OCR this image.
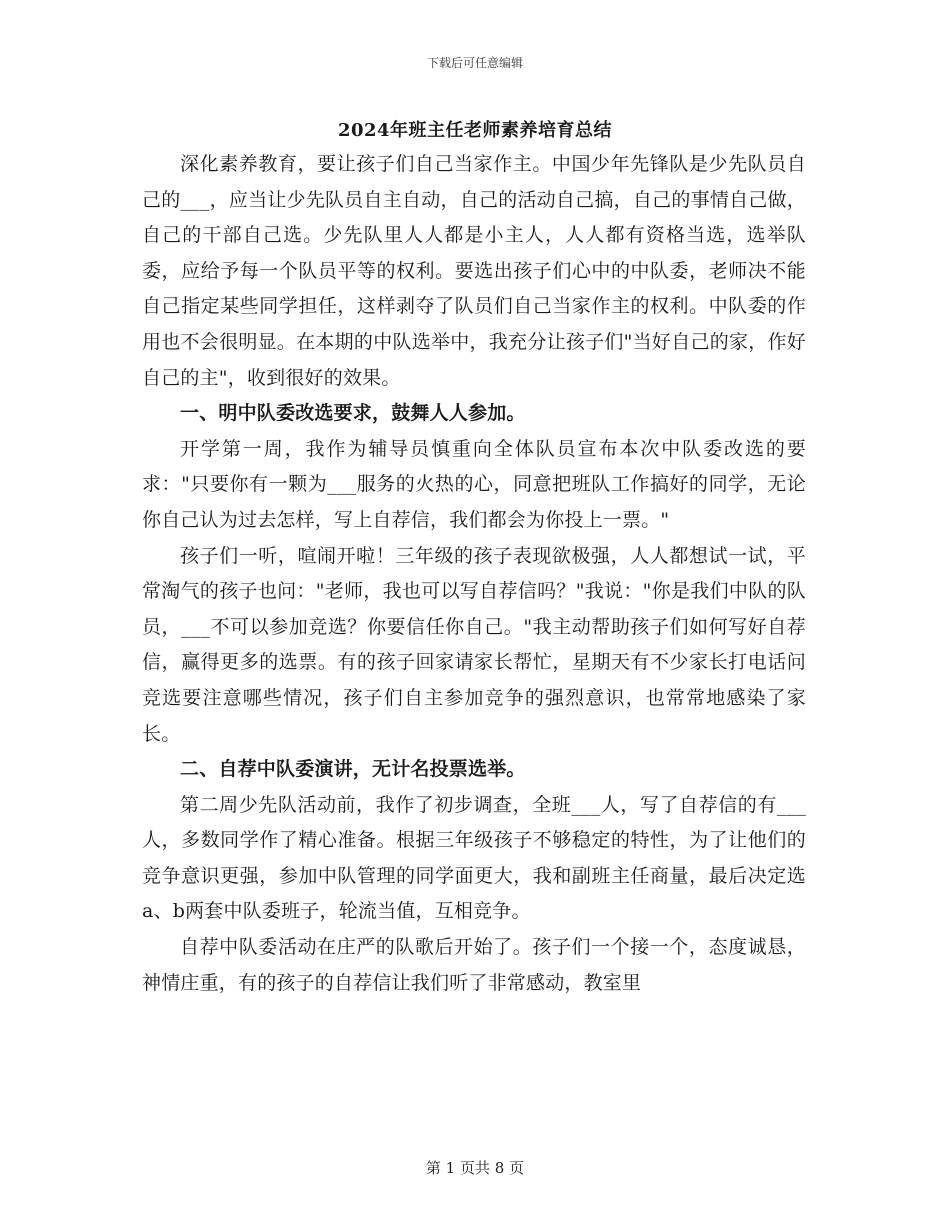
下载后可任意编辑
2024年班主任老师素养培育总结

深化素养教育，要让孩子们自己当家作主。中国少年先锋队是少先队员自己的___，应当让少先队员自主自动，自己的活动自己搞，自己的事情自己做，自己的干部自己选。少先队里人人都是小主人，人人都有资格当选，选举队委，应给予每一个队员平等的权利。要选出孩子们心中的中队委，老师决不能自己指定某些同学担任，这样剥夺了队员们自己当家作主的权利。中队委的作用也不会很明显。在本期的中队选举中，我充分让孩子们"当好自己的家，作好自己的主"，收到很好的效果。

一、明中队委改选要求，鼓舞人人参加。

开学第一周，我作为辅导员慎重向全体队员宣布本次中队委改选的要求："只要你有一颗为___服务的火热的心，同意把班队工作搞好的同学，无论你自己认为过去怎样，写上自荐信，我们都会为你投上一票。"

孩子们一听，喧闹开啦！三年级的孩子表现欲极强，人人都想试一试，平常淘气的孩子也问："老师，我也可以写自荐信吗？"我说："你是我们中队的队员，___不可以参加竞选？你要信任你自己。"我主动帮助孩子们如何写好自荐信，赢得更多的选票。有的孩子回家请家长帮忙，星期天有不少家长打电话问竞选要注意哪些情况，孩子们自主参加竞争的强烈意识，也常常地感染了家长。

二、自荐中队委演讲，无计名投票选举。

第二周少先队活动前，我作了初步调查，全班___人，写了自荐信的有___人，多数同学作了精心准备。根据三年级孩子不够稳定的特性，为了让他们的竞争意识更强，参加中队管理的同学面更大，我和副班主任商量，最后决定选a、b两套中队委班子，轮流当值，互相竞争。

自荐中队委活动在庄严的队歌后开始了。孩子们一个接一个，态度诚恳，神情庄重，有的孩子的自荐信让我们听了非常感动，教室里

第 1 页共 8 页
